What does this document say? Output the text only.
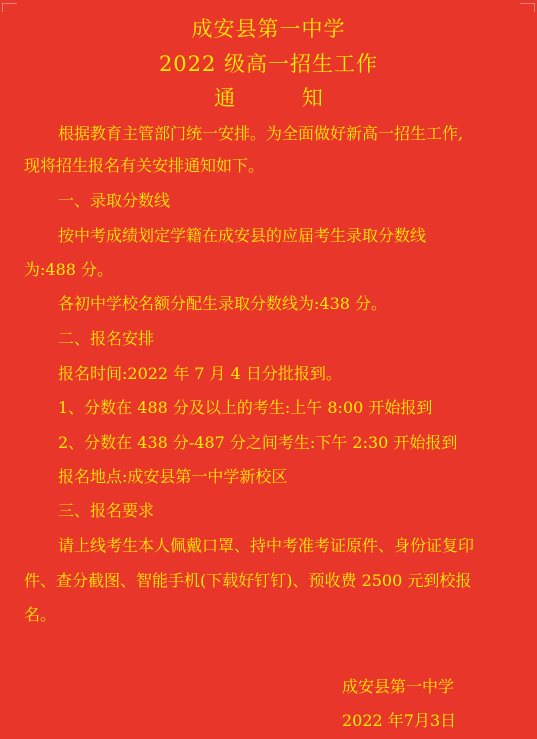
成安县第一中学
2022 级高一招生工作
通 知
根据教育主管部门统一安排。为全面做好新高一招生工作,
现将招生报名有关安排通知如下。
一、录取分数线
按中考成绩划定学籍在成安县的应届考生录取分数线
为:488 分。
各初中学校名额分配生录取分数线为:438 分。
二、报名安排
报名时间:2022 年 7 月 4 日分批报到。
1、分数在 488 分及以上的考生:上午 8:00 开始报到
2、分数在 438 分-487 分之间考生:下午 2:30 开始报到
报名地点:成安县第一中学新校区
三、报名要求
请上线考生本人佩戴口罩、持中考准考证原件、身份证复印
件、查分截图、智能手机(下载好钉钉)、预收费 2500 元到校报
名。
成安县第一中学
2022 年7月3日
